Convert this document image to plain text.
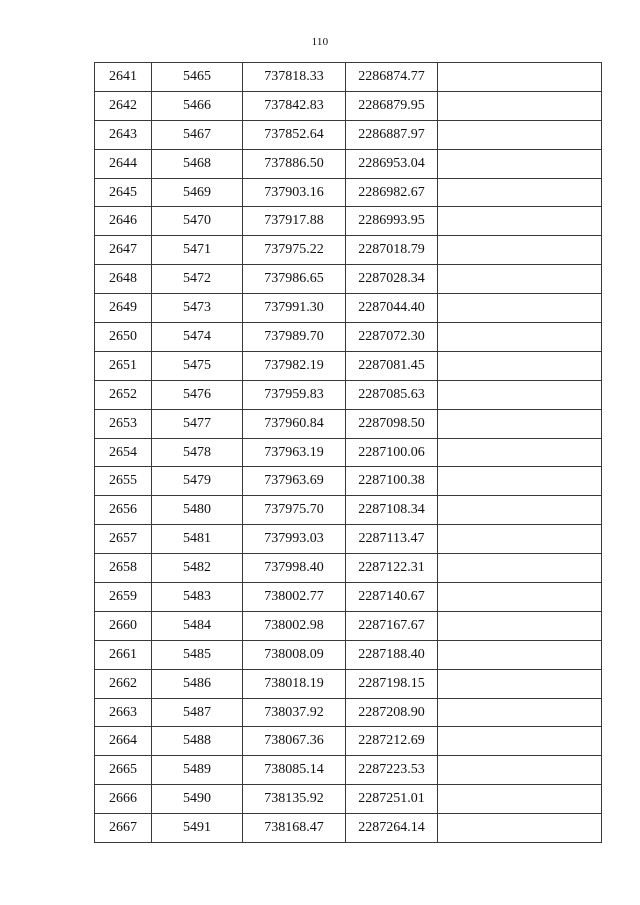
110
2641	5465	737818.33	2286874.77	
2642	5466	737842.83	2286879.95	
2643	5467	737852.64	2286887.97	
2644	5468	737886.50	2286953.04	
2645	5469	737903.16	2286982.67	
2646	5470	737917.88	2286993.95	
2647	5471	737975.22	2287018.79	
2648	5472	737986.65	2287028.34	
2649	5473	737991.30	2287044.40	
2650	5474	737989.70	2287072.30	
2651	5475	737982.19	2287081.45	
2652	5476	737959.83	2287085.63	
2653	5477	737960.84	2287098.50	
2654	5478	737963.19	2287100.06	
2655	5479	737963.69	2287100.38	
2656	5480	737975.70	2287108.34	
2657	5481	737993.03	2287113.47	
2658	5482	737998.40	2287122.31	
2659	5483	738002.77	2287140.67	
2660	5484	738002.98	2287167.67	
2661	5485	738008.09	2287188.40	
2662	5486	738018.19	2287198.15	
2663	5487	738037.92	2287208.90	
2664	5488	738067.36	2287212.69	
2665	5489	738085.14	2287223.53	
2666	5490	738135.92	2287251.01	
2667	5491	738168.47	2287264.14	
